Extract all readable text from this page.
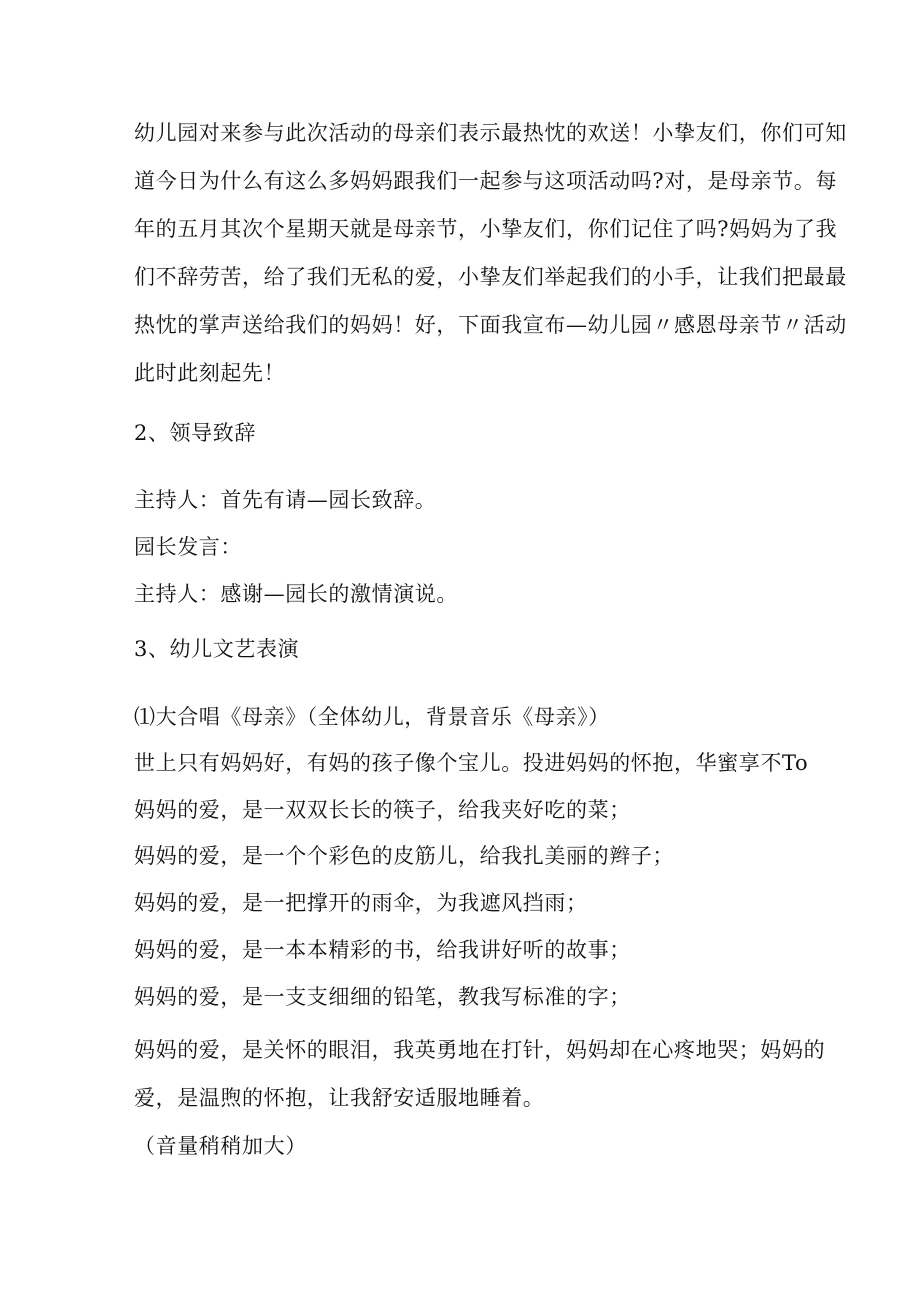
幼儿园对来参与此次活动的母亲们表示最热忱的欢送！小挚友们，你们可知
道今日为什么有这么多妈妈跟我们一起参与这项活动吗?对，是母亲节。每
年的五月其次个星期天就是母亲节，小挚友们，你们记住了吗?妈妈为了我
们不辞劳苦，给了我们无私的爱，小挚友们举起我们的小手，让我们把最最
热忱的掌声送给我们的妈妈！好，下面我宣布—幼儿园〃感恩母亲节〃活动
此时此刻起先！
2、领导致辞
主持人：首先有请—园长致辞。
园长发言：
主持人：感谢—园长的激情演说。
3、幼儿文艺表演
⑴大合唱《母亲》（全体幼儿，背景音乐《母亲》）
世上只有妈妈好，有妈的孩子像个宝儿。投进妈妈的怀抱，华蜜享不To
妈妈的爱，是一双双长长的筷子，给我夹好吃的菜；
妈妈的爱，是一个个彩色的皮筋儿，给我扎美丽的辫子；
妈妈的爱，是一把撑开的雨伞，为我遮风挡雨；
妈妈的爱，是一本本精彩的书，给我讲好听的故事；
妈妈的爱，是一支支细细的铅笔，教我写标准的字；
妈妈的爱，是关怀的眼泪，我英勇地在打针，妈妈却在心疼地哭；妈妈的
爱，是温煦的怀抱，让我舒安适服地睡着。
（音量稍稍加大）
